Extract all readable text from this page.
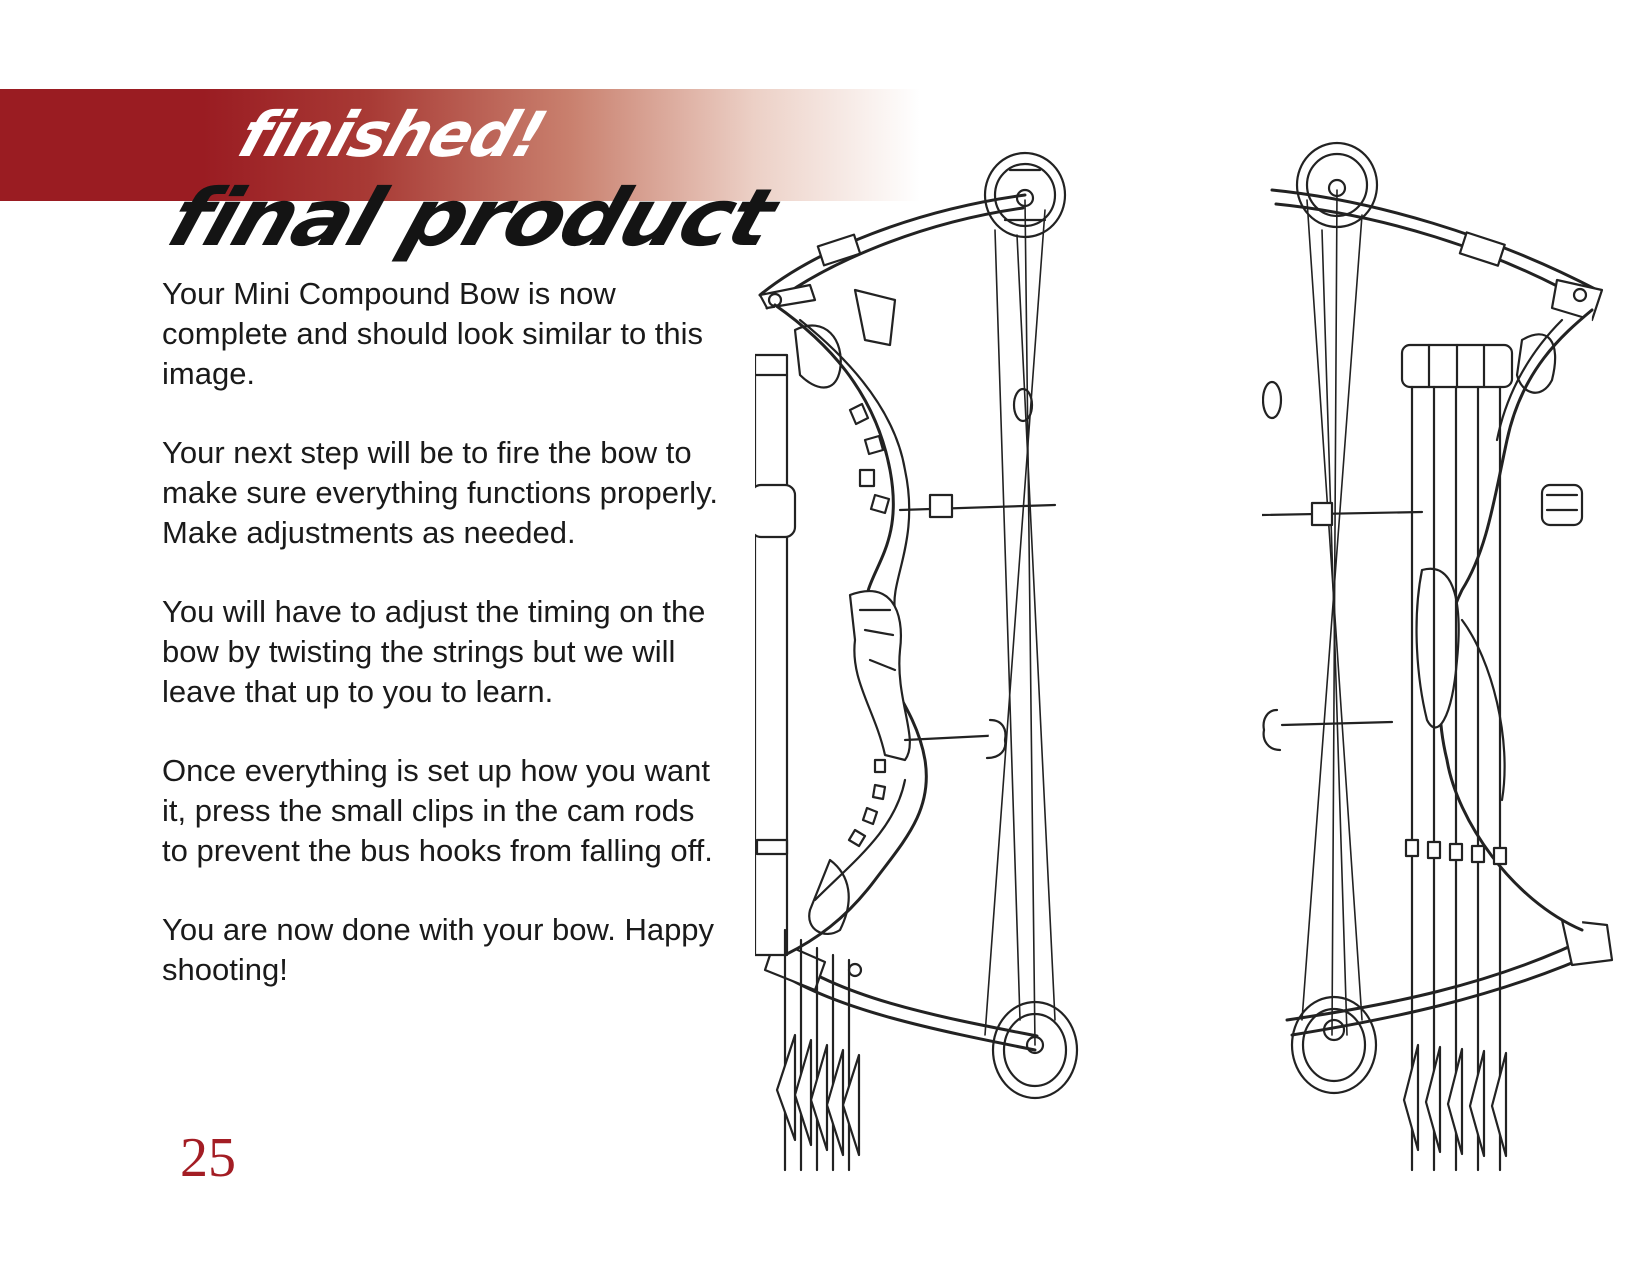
finished!
final product

Your Mini Compound Bow is now complete and should look similar to this image.

Your next step will be to fire the bow to make sure everything functions properly. Make adjustments as needed.

You will have to adjust the timing on the bow by twisting the strings but we will leave that up to you to learn.

Once everything is set up how you want it, press the small clips in the cam rods to prevent the bus hooks from falling off.

You are now done with your bow. Happy shooting!

25
